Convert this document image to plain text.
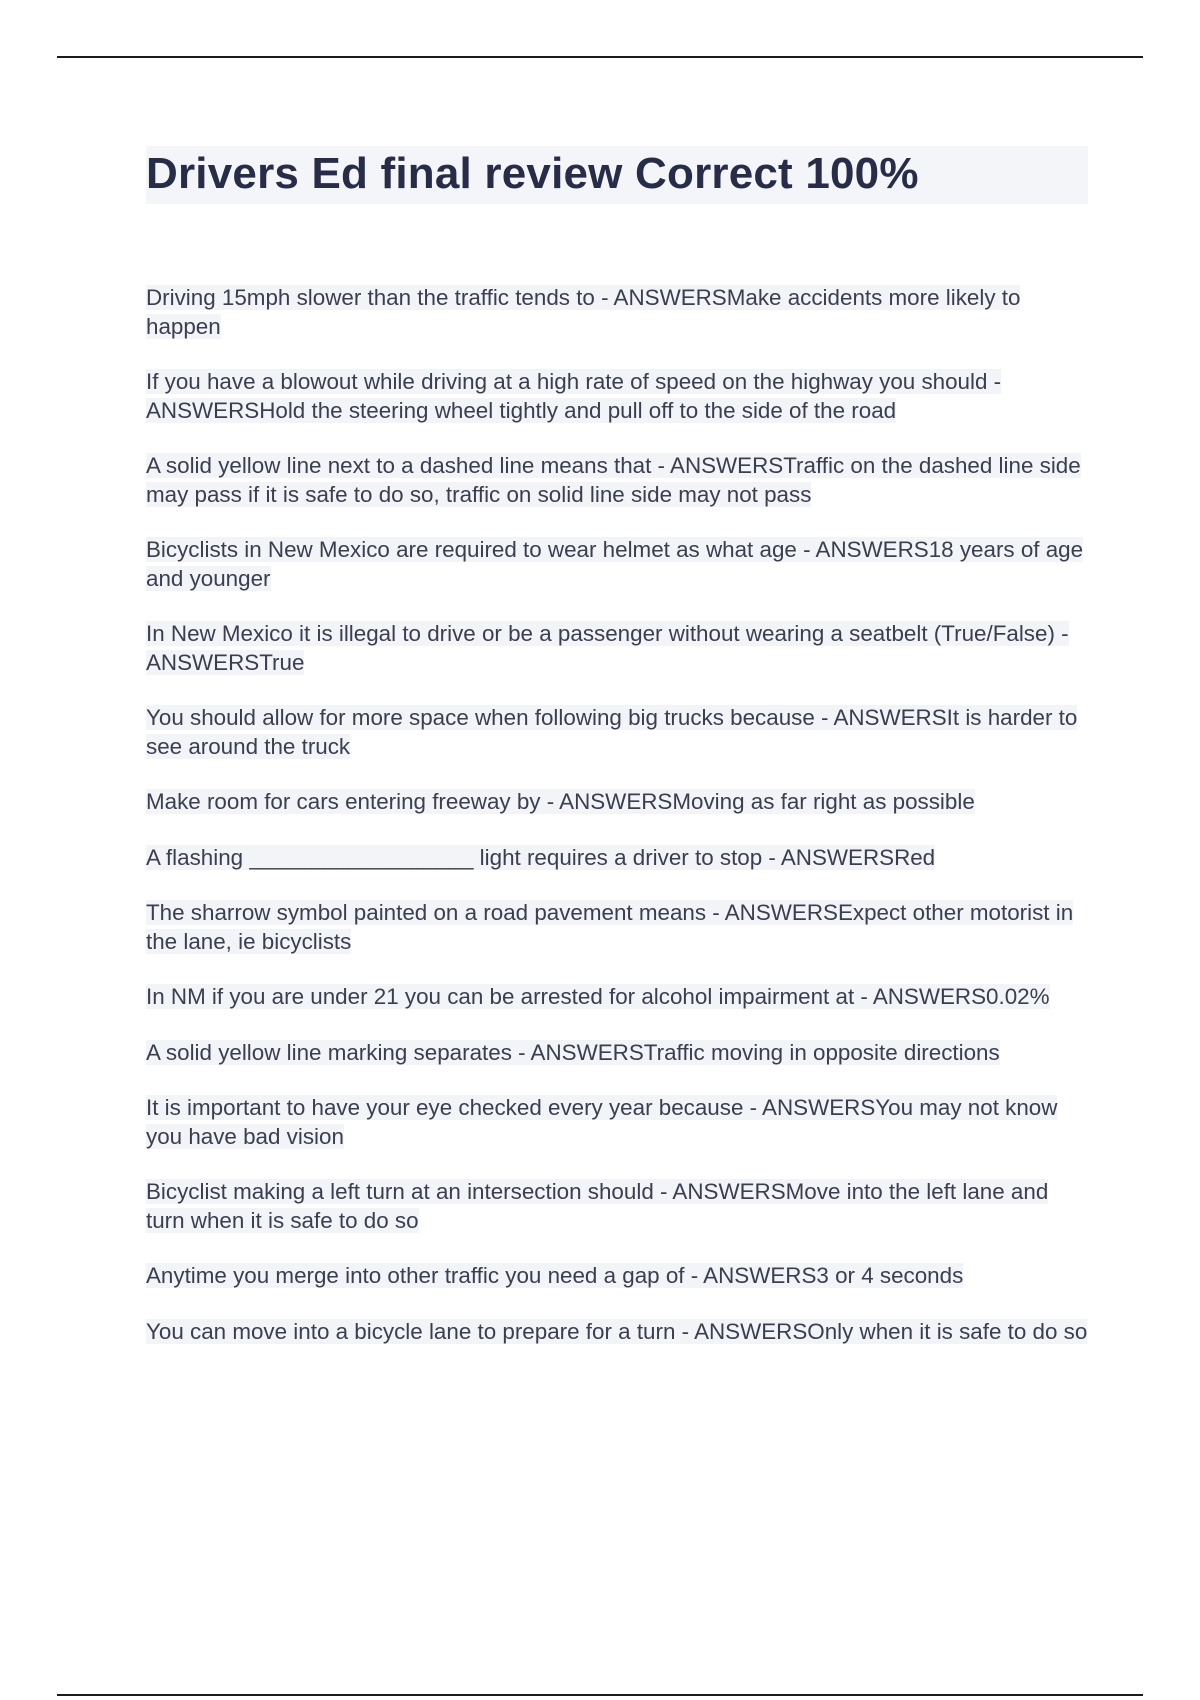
Drivers Ed final review Correct 100%

Driving 15mph slower than the traffic tends to - ANSWERSMake accidents more likely to happen

If you have a blowout while driving at a high rate of speed on the highway you should - ANSWERSHold the steering wheel tightly and pull off to the side of the road

A solid yellow line next to a dashed line means that - ANSWERSTraffic on the dashed line side may pass if it is safe to do so, traffic on solid line side may not pass

Bicyclists in New Mexico are required to wear helmet as what age - ANSWERS18 years of age and younger

In New Mexico it is illegal to drive or be a passenger without wearing a seatbelt (True/False) - ANSWERSTrue

You should allow for more space when following big trucks because - ANSWERSIt is harder to see around the truck

Make room for cars entering freeway by - ANSWERSMoving as far right as possible

A flashing __________________ light requires a driver to stop - ANSWERSRed

The sharrow symbol painted on a road pavement means - ANSWERSExpect other motorist in the lane, ie bicyclists

In NM if you are under 21 you can be arrested for alcohol impairment at - ANSWERS0.02%

A solid yellow line marking separates - ANSWERSTraffic moving in opposite directions

It is important to have your eye checked every year because - ANSWERSYou may not know you have bad vision

Bicyclist making a left turn at an intersection should - ANSWERSMove into the left lane and turn when it is safe to do so

Anytime you merge into other traffic you need a gap of - ANSWERS3 or 4 seconds

You can move into a bicycle lane to prepare for a turn - ANSWERSOnly when it is safe to do so
